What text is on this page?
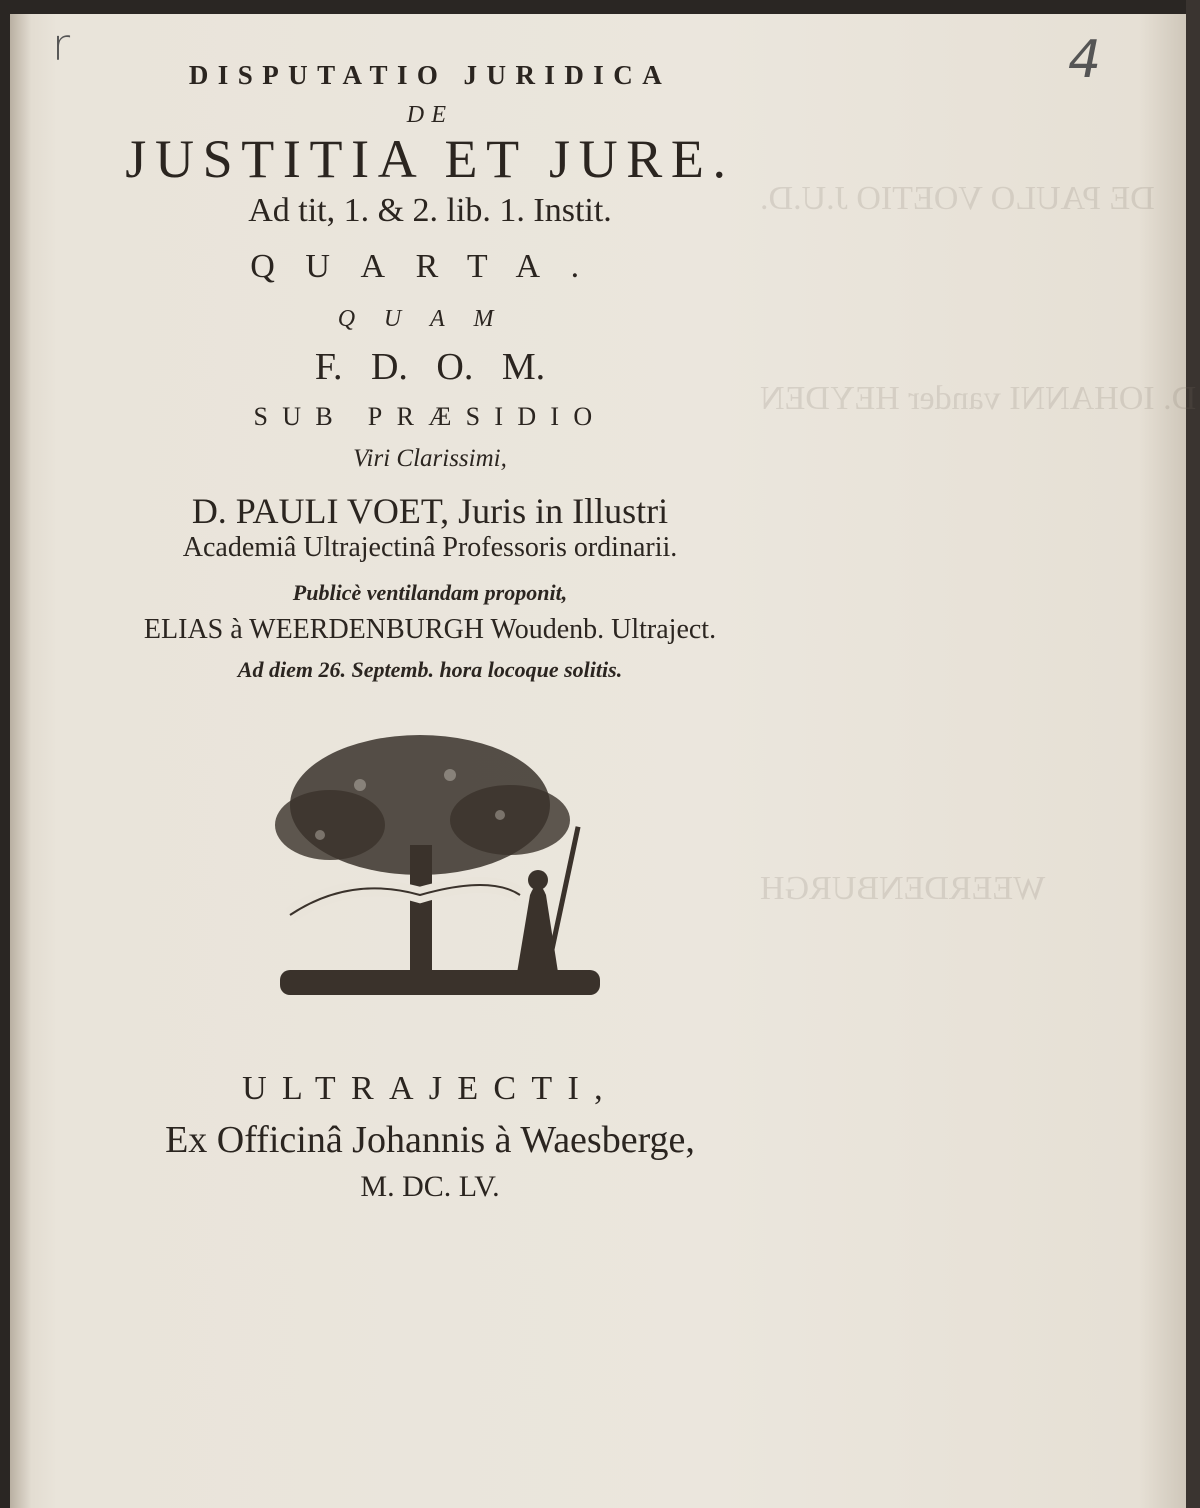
DE PAULO VOETIO J.U.D.
D. IOHANNI vander HEYDEN
WEERDENBURGH
r	4
DISPUTATIO JURIDICA
DE
JUSTITIA ET JURE.
Ad tit, 1. & 2. lib. 1. Instit.
QUARTA.
QUAM
F. D. O. M.
SUB PRÆSIDIO
Viri Clarissimi,
D. PAULI VOET, Juris in Illustri
Academiâ Ultrajectinâ Professoris ordinarii.
Publicè ventilandam proponit,
ELIAS à WEERDENBURGH Woudenb. Ultraject.
Ad diem 26. Septemb. hora locoque solitis.
ULTRAJECTI,
Ex Officinâ Johannis à Waesberge,
M. DC. LV.
